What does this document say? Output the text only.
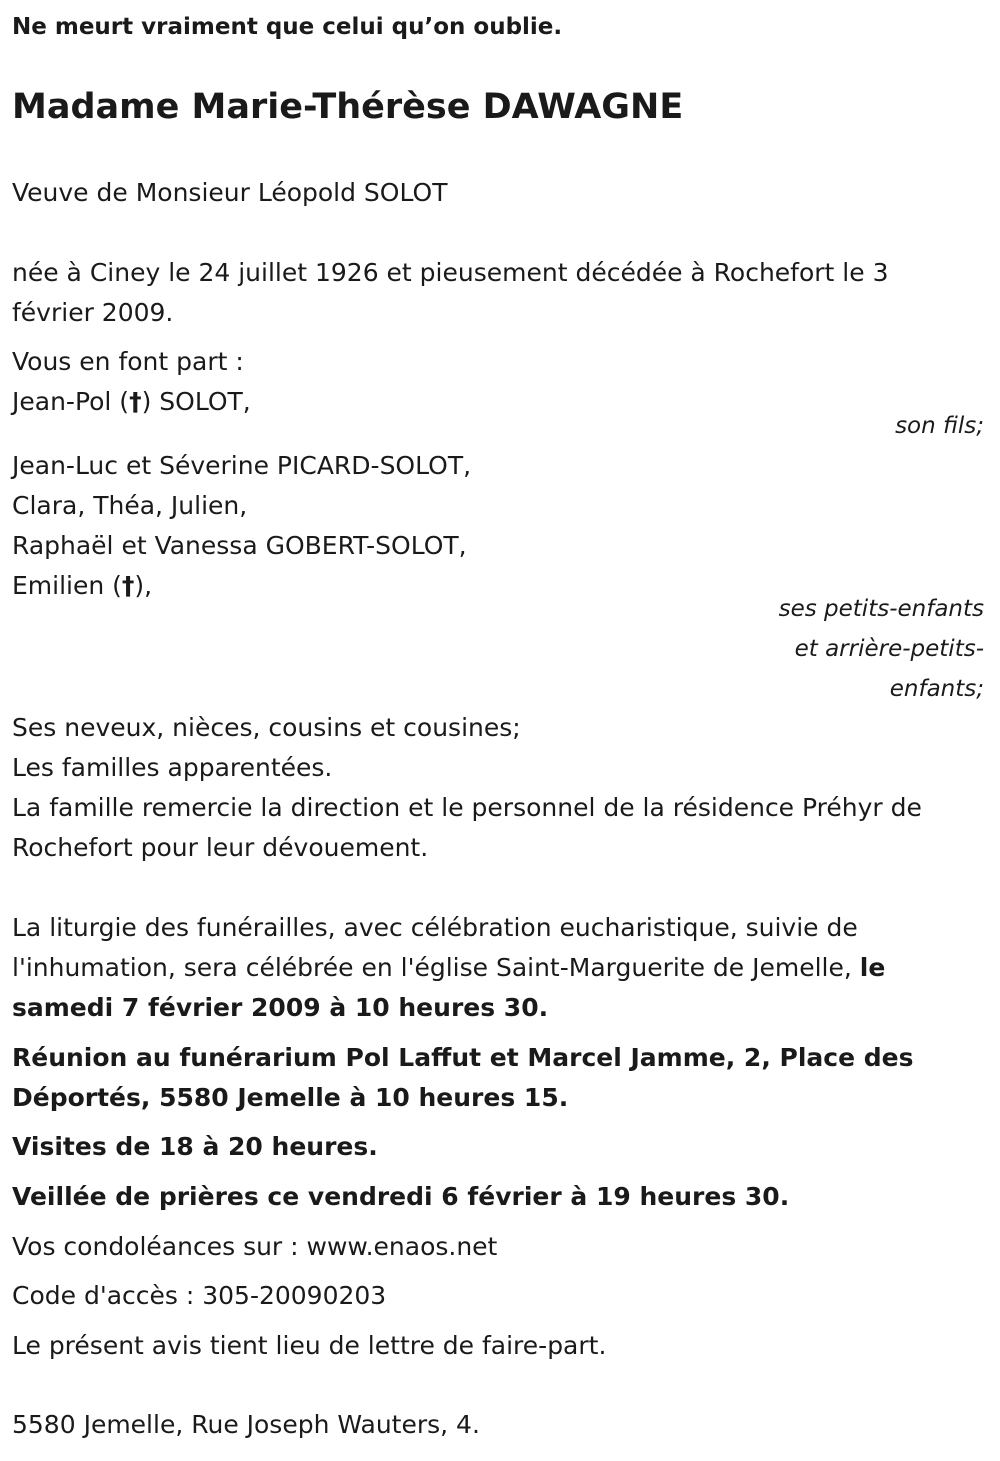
Ne meurt vraiment que celui qu’on oublie.
Madame Marie-Thérèse DAWAGNE
Veuve de Monsieur Léopold SOLOT
née à Ciney le 24 juillet 1926 et pieusement décédée à Rochefort le 3
février 2009.
Vous en font part :
Jean-Pol (†) SOLOT,
son fils;
Jean-Luc et Séverine PICARD-SOLOT,
Clara, Théa, Julien,
Raphaël et Vanessa GOBERT-SOLOT,
Emilien (†),
ses petits-enfants
et arrière-petits-
enfants;
Ses neveux, nièces, cousins et cousines;
Les familles apparentées.
La famille remercie la direction et le personnel de la résidence Préhyr de
Rochefort pour leur dévouement.
La liturgie des funérailles, avec célébration eucharistique, suivie de
l'inhumation, sera célébrée en l'église Saint-Marguerite de Jemelle, le
samedi 7 février 2009 à 10 heures 30.
Réunion au funérarium Pol Laffut et Marcel Jamme, 2, Place des
Déportés, 5580 Jemelle à 10 heures 15.
Visites de 18 à 20 heures.
Veillée de prières ce vendredi 6 février à 19 heures 30.
Vos condoléances sur : www.enaos.net
Code d'accès : 305-20090203
Le présent avis tient lieu de lettre de faire-part.
5580 Jemelle, Rue Joseph Wauters, 4.
